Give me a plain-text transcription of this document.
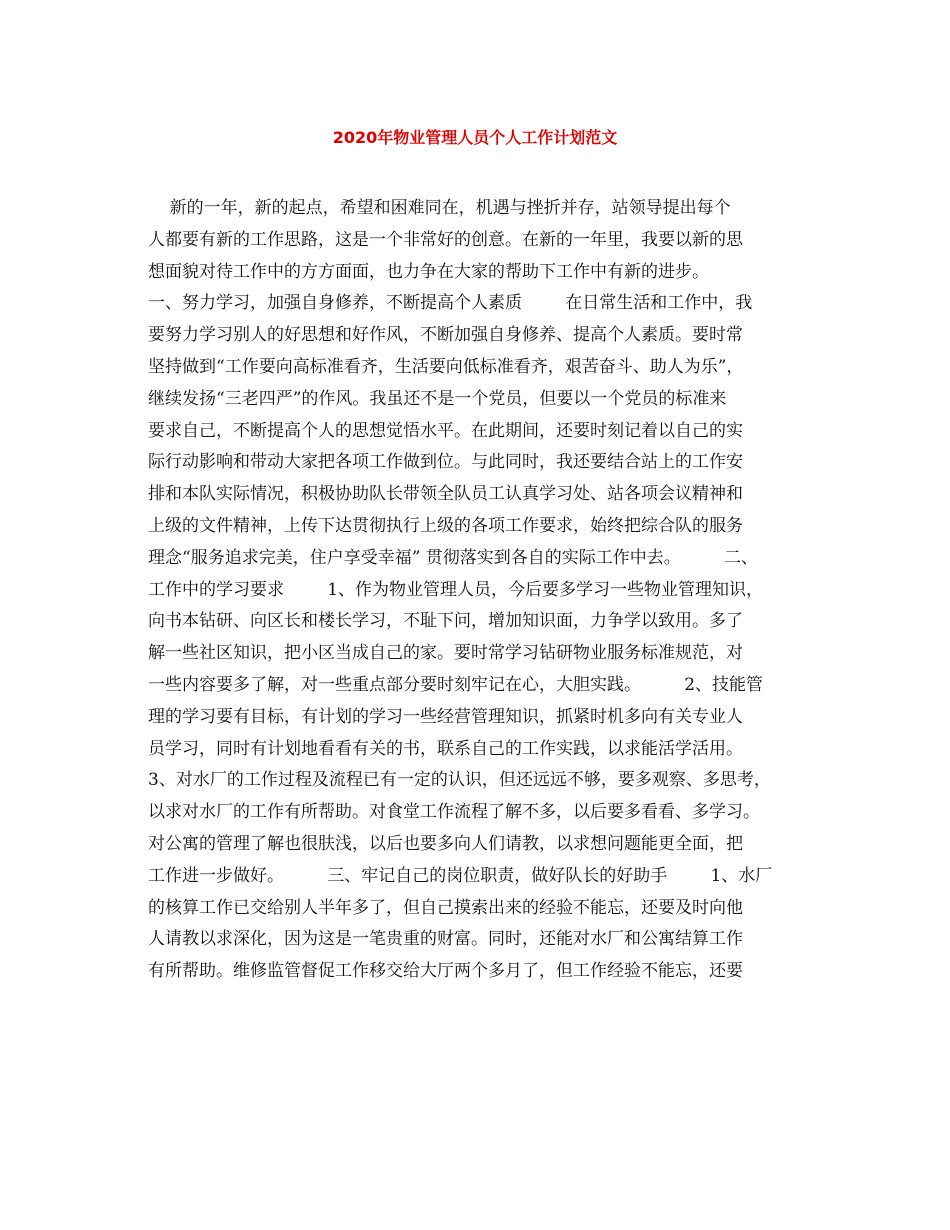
2020年物业管理人员个人工作计划范文
新的一年，新的起点，希望和困难同在，机遇与挫折并存，站领导提出每个
人都要有新的工作思路，这是一个非常好的创意。在新的一年里，我要以新的思
想面貌对待工作中的方方面面，也力争在大家的帮助下工作中有新的进步。
一、努力学习，加强自身修养，不断提高个人素质        在日常生活和工作中，我
要努力学习别人的好思想和好作风，不断加强自身修养、提高个人素质。要时常
坚持做到“工作要向高标准看齐，生活要向低标准看齐，艰苦奋斗、助人为乐”，
继续发扬“三老四严”的作风。我虽还不是一个党员，但要以一个党员的标准来
要求自己，不断提高个人的思想觉悟水平。在此期间，还要时刻记着以自己的实
际行动影响和带动大家把各项工作做到位。与此同时，我还要结合站上的工作安
排和本队实际情况，积极协助队长带领全队员工认真学习处、站各项会议精神和
上级的文件精神，上传下达贯彻执行上级的各项工作要求，始终把综合队的服务
理念“服务追求完美，住户享受幸福” 贯彻落实到各自的实际工作中去。        二、
工作中的学习要求        1、作为物业管理人员，今后要多学习一些物业管理知识，
向书本钻研、向区长和楼长学习，不耻下问，增加知识面，力争学以致用。多了
解一些社区知识，把小区当成自己的家。要时常学习钻研物业服务标准规范，对
一些内容要多了解，对一些重点部分要时刻牢记在心，大胆实践。        2、技能管
理的学习要有目标，有计划的学习一些经营管理知识，抓紧时机多向有关专业人
员学习，同时有计划地看看有关的书，联系自己的工作实践，以求能活学活用。
3、对水厂的工作过程及流程已有一定的认识，但还远远不够，要多观察、多思考，
以求对水厂的工作有所帮助。对食堂工作流程了解不多，以后要多看看、多学习。
对公寓的管理了解也很肤浅，以后也要多向人们请教，以求想问题能更全面，把
工作进一步做好。        三、牢记自己的岗位职责，做好队长的好助手        1、水厂
的核算工作已交给别人半年多了，但自己摸索出来的经验不能忘，还要及时向他
人请教以求深化，因为这是一笔贵重的财富。同时，还能对水厂和公寓结算工作
有所帮助。维修监管督促工作移交给大厅两个多月了，但工作经验不能忘，还要
